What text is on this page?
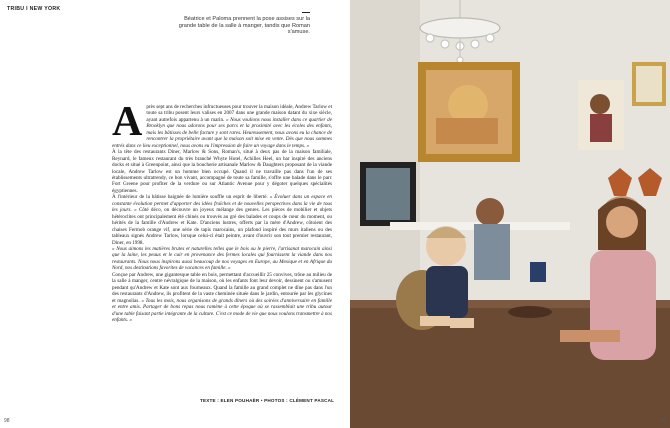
TRIBU I NEW YORK
Béatrice et Paloma prennent la pose assises sur la grande table de la salle à manger, tandis que Roman s'amuse.
A près sept ans de recherches infructueuses pour trouver la maison idéale, Andrew Tarlow et toute sa tribu posent leurs valises en 2007 dans une grande maison datant du xixe siècle, ayant autrefois appartenu à un marin. « Nous voulions nous installer dans ce quartier de Brooklyn que nous adorons pour ses parcs et la proximité avec les écoles des enfants, mais les bâtisses de belle facture y sont rares. Heureusement, nous avons eu la chance de rencontrer la propriétaire avant que la maison soit mise en vente. Dès que nous sommes entrés dans ce lieu exceptionnel, nous avons eu l'impression de faire un voyage dans le temps. »

À la tête des restaurants Diner, Marlow & Sons, Roman's, situé à deux pas de la maison familiale, Reynard, le fameux restaurant du très branché Whyte Hotel, Achilles Heel, un bar inspiré des anciens docks et situé à Greenpoint, ainsi que la boucherie artisanale Marlow & Daughters proposant de la viande locale, Andrew Tarlow est un homme bien occupé. Quand il ne travaille pas dans l'un de ses établissements ultratrendy, ce bon vivant, accompagné de toute sa famille, s'offre une balade dans le parc Fort Greene pour profiter de la verdure ou sur Atlantic Avenue pour y dégoter quelques spécialités égyptiennes.

À l'intérieur de la bâtisse baignée de lumière souffle un esprit de liberté. « Évoluer dans un espace en constante évolution permet d'apporter des idées fraîches et de nouvelles perspectives dans la vie de tous les jours. » Côté déco, on découvre un joyeux mélange des genres. Les pièces de mobilier et objets hétéroclites ont principalement été chinés ou trouvés au gré des balades et coups de cœur du moment, ou hérités de la famille d'Andrew et Kate. D'anciens lustres, offerts par la mère d'Andrew, côtoient des chaises Fermob orange vif, une série de tapis marocains, un plafond inspiré des murs italiens ou des tableaux signés Andrew Tarlow, lorsque celui-ci était peintre, avant d'ouvrir son tout premier restaurant, Diner, en 1998.

« Nous aimons les matières brutes et naturelles telles que le bois ou le pierre, l'artisanat marocain ainsi que la laine, les peaux et le cuir en provenance des fermes locales qui fournissent la viande dans nos restaurants. Nous nous inspirons aussi beaucoup de nos voyages en Europe, au Mexique et en Afrique du Nord, nos destinations favorites de vacances en famille. »

Conçue par Andrew, une gigantesque table en bois, permettant d'accueillir 25 convives, trône au milieu de la salle à manger, centre névralgique de la maison, où les enfants font leur devoir, dessinent ou s'amusent pendant qu'Andrew et Kate sont aux fourneaux. Quand la famille au grand complet ne dîne pas dans l'un des restaurants d'Andrew, ils profitent de la vaste cheminée située dans le jardin, entourée par les glycines et magnolias. « Tous les mois, nous organisons de grands dîners où des soirées d'anniversaire en famille et entre amis. Partager de bons repas nous ramène à cette époque où se rassemblait une tribu autour d'une table faisant partie intégrante de la culture. C'est ce mode de vie que nous voulons transmettre à nos enfants. »

TEXTE : ELEN POUHAËR • PHOTOS : CLÉMENT PASCAL
98	99
